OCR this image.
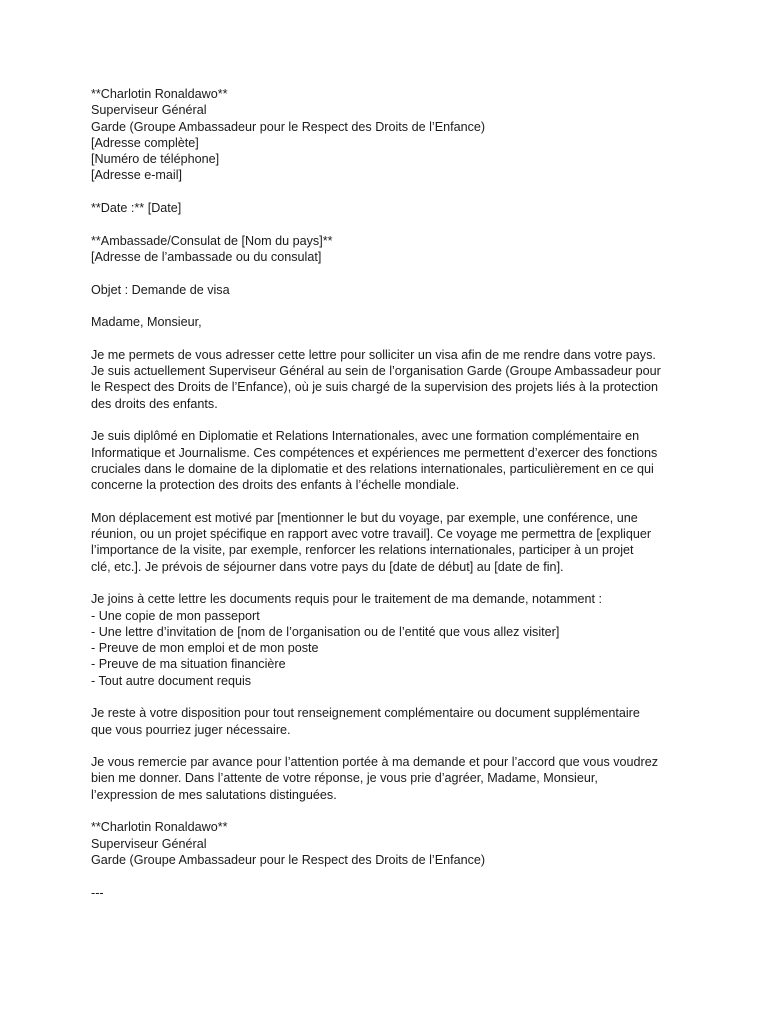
**Charlotin Ronaldawo**
Superviseur Général
Garde (Groupe Ambassadeur pour le Respect des Droits de l’Enfance)
[Adresse complète]
[Numéro de téléphone]
[Adresse e-mail]
**Date :** [Date]
**Ambassade/Consulat de [Nom du pays]**
[Adresse de l’ambassade ou du consulat]
Objet : Demande de visa
Madame, Monsieur,
Je me permets de vous adresser cette lettre pour solliciter un visa afin de me rendre dans votre pays.
Je suis actuellement Superviseur Général au sein de l’organisation Garde (Groupe Ambassadeur pour
le Respect des Droits de l’Enfance), où je suis chargé de la supervision des projets liés à la protection
des droits des enfants.
Je suis diplômé en Diplomatie et Relations Internationales, avec une formation complémentaire en
Informatique et Journalisme. Ces compétences et expériences me permettent d’exercer des fonctions
cruciales dans le domaine de la diplomatie et des relations internationales, particulièrement en ce qui
concerne la protection des droits des enfants à l’échelle mondiale.
Mon déplacement est motivé par [mentionner le but du voyage, par exemple, une conférence, une
réunion, ou un projet spécifique en rapport avec votre travail]. Ce voyage me permettra de [expliquer
l’importance de la visite, par exemple, renforcer les relations internationales, participer à un projet
clé, etc.]. Je prévois de séjourner dans votre pays du [date de début] au [date de fin].
Je joins à cette lettre les documents requis pour le traitement de ma demande, notamment :
- Une copie de mon passeport
- Une lettre d’invitation de [nom de l’organisation ou de l’entité que vous allez visiter]
- Preuve de mon emploi et de mon poste
- Preuve de ma situation financière
- Tout autre document requis
Je reste à votre disposition pour tout renseignement complémentaire ou document supplémentaire
que vous pourriez juger nécessaire.
Je vous remercie par avance pour l’attention portée à ma demande et pour l’accord que vous voudrez
bien me donner. Dans l’attente de votre réponse, je vous prie d’agréer, Madame, Monsieur,
l’expression de mes salutations distinguées.
**Charlotin Ronaldawo**
Superviseur Général
Garde (Groupe Ambassadeur pour le Respect des Droits de l’Enfance)
---
